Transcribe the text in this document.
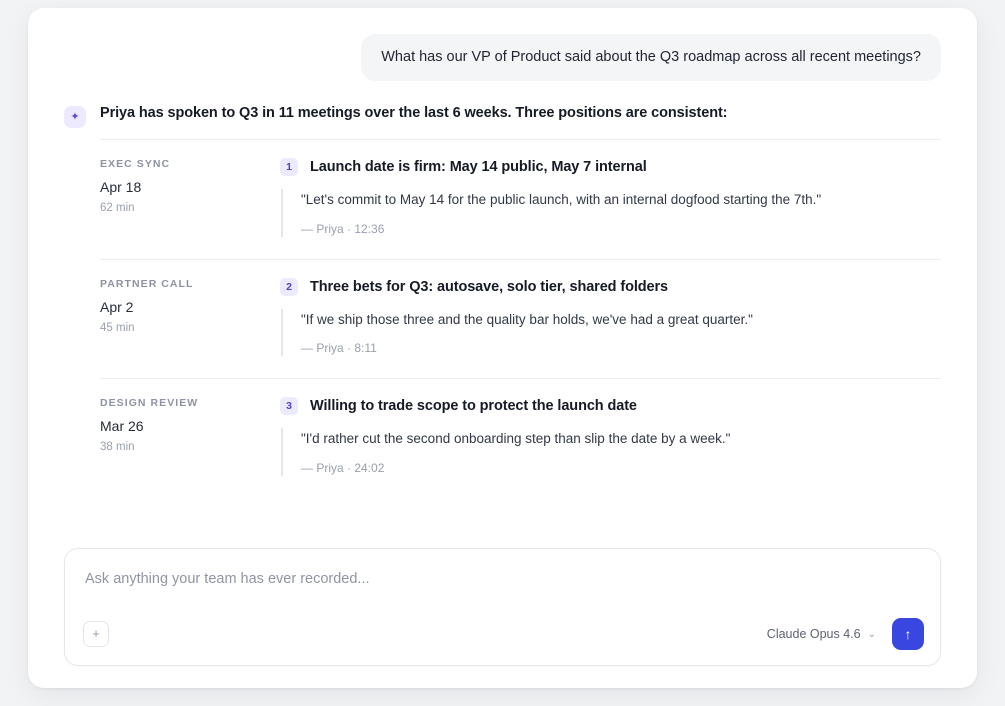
What has our VP of Product said about the Q3 roadmap across all recent meetings?
✦	Priya has spoken to Q3 in 11 meetings over the last 6 weeks. Three positions are consistent:
EXEC SYNC
Apr 18
62 min
1	Launch date is firm: May 14 public, May 7 internal
"Let's commit to May 14 for the public launch, with an internal dogfood starting the 7th."
— Priya · 12:36
PARTNER CALL
Apr 2
45 min
2	Three bets for Q3: autosave, solo tier, shared folders
"If we ship those three and the quality bar holds, we've had a great quarter."
— Priya · 8:11
DESIGN REVIEW
Mar 26
38 min
3	Willing to trade scope to protect the launch date
"I'd rather cut the second onboarding step than slip the date by a week."
— Priya · 24:02
Ask anything your team has ever recorded...
+	Claude Opus 4.6 ⌄	↑
